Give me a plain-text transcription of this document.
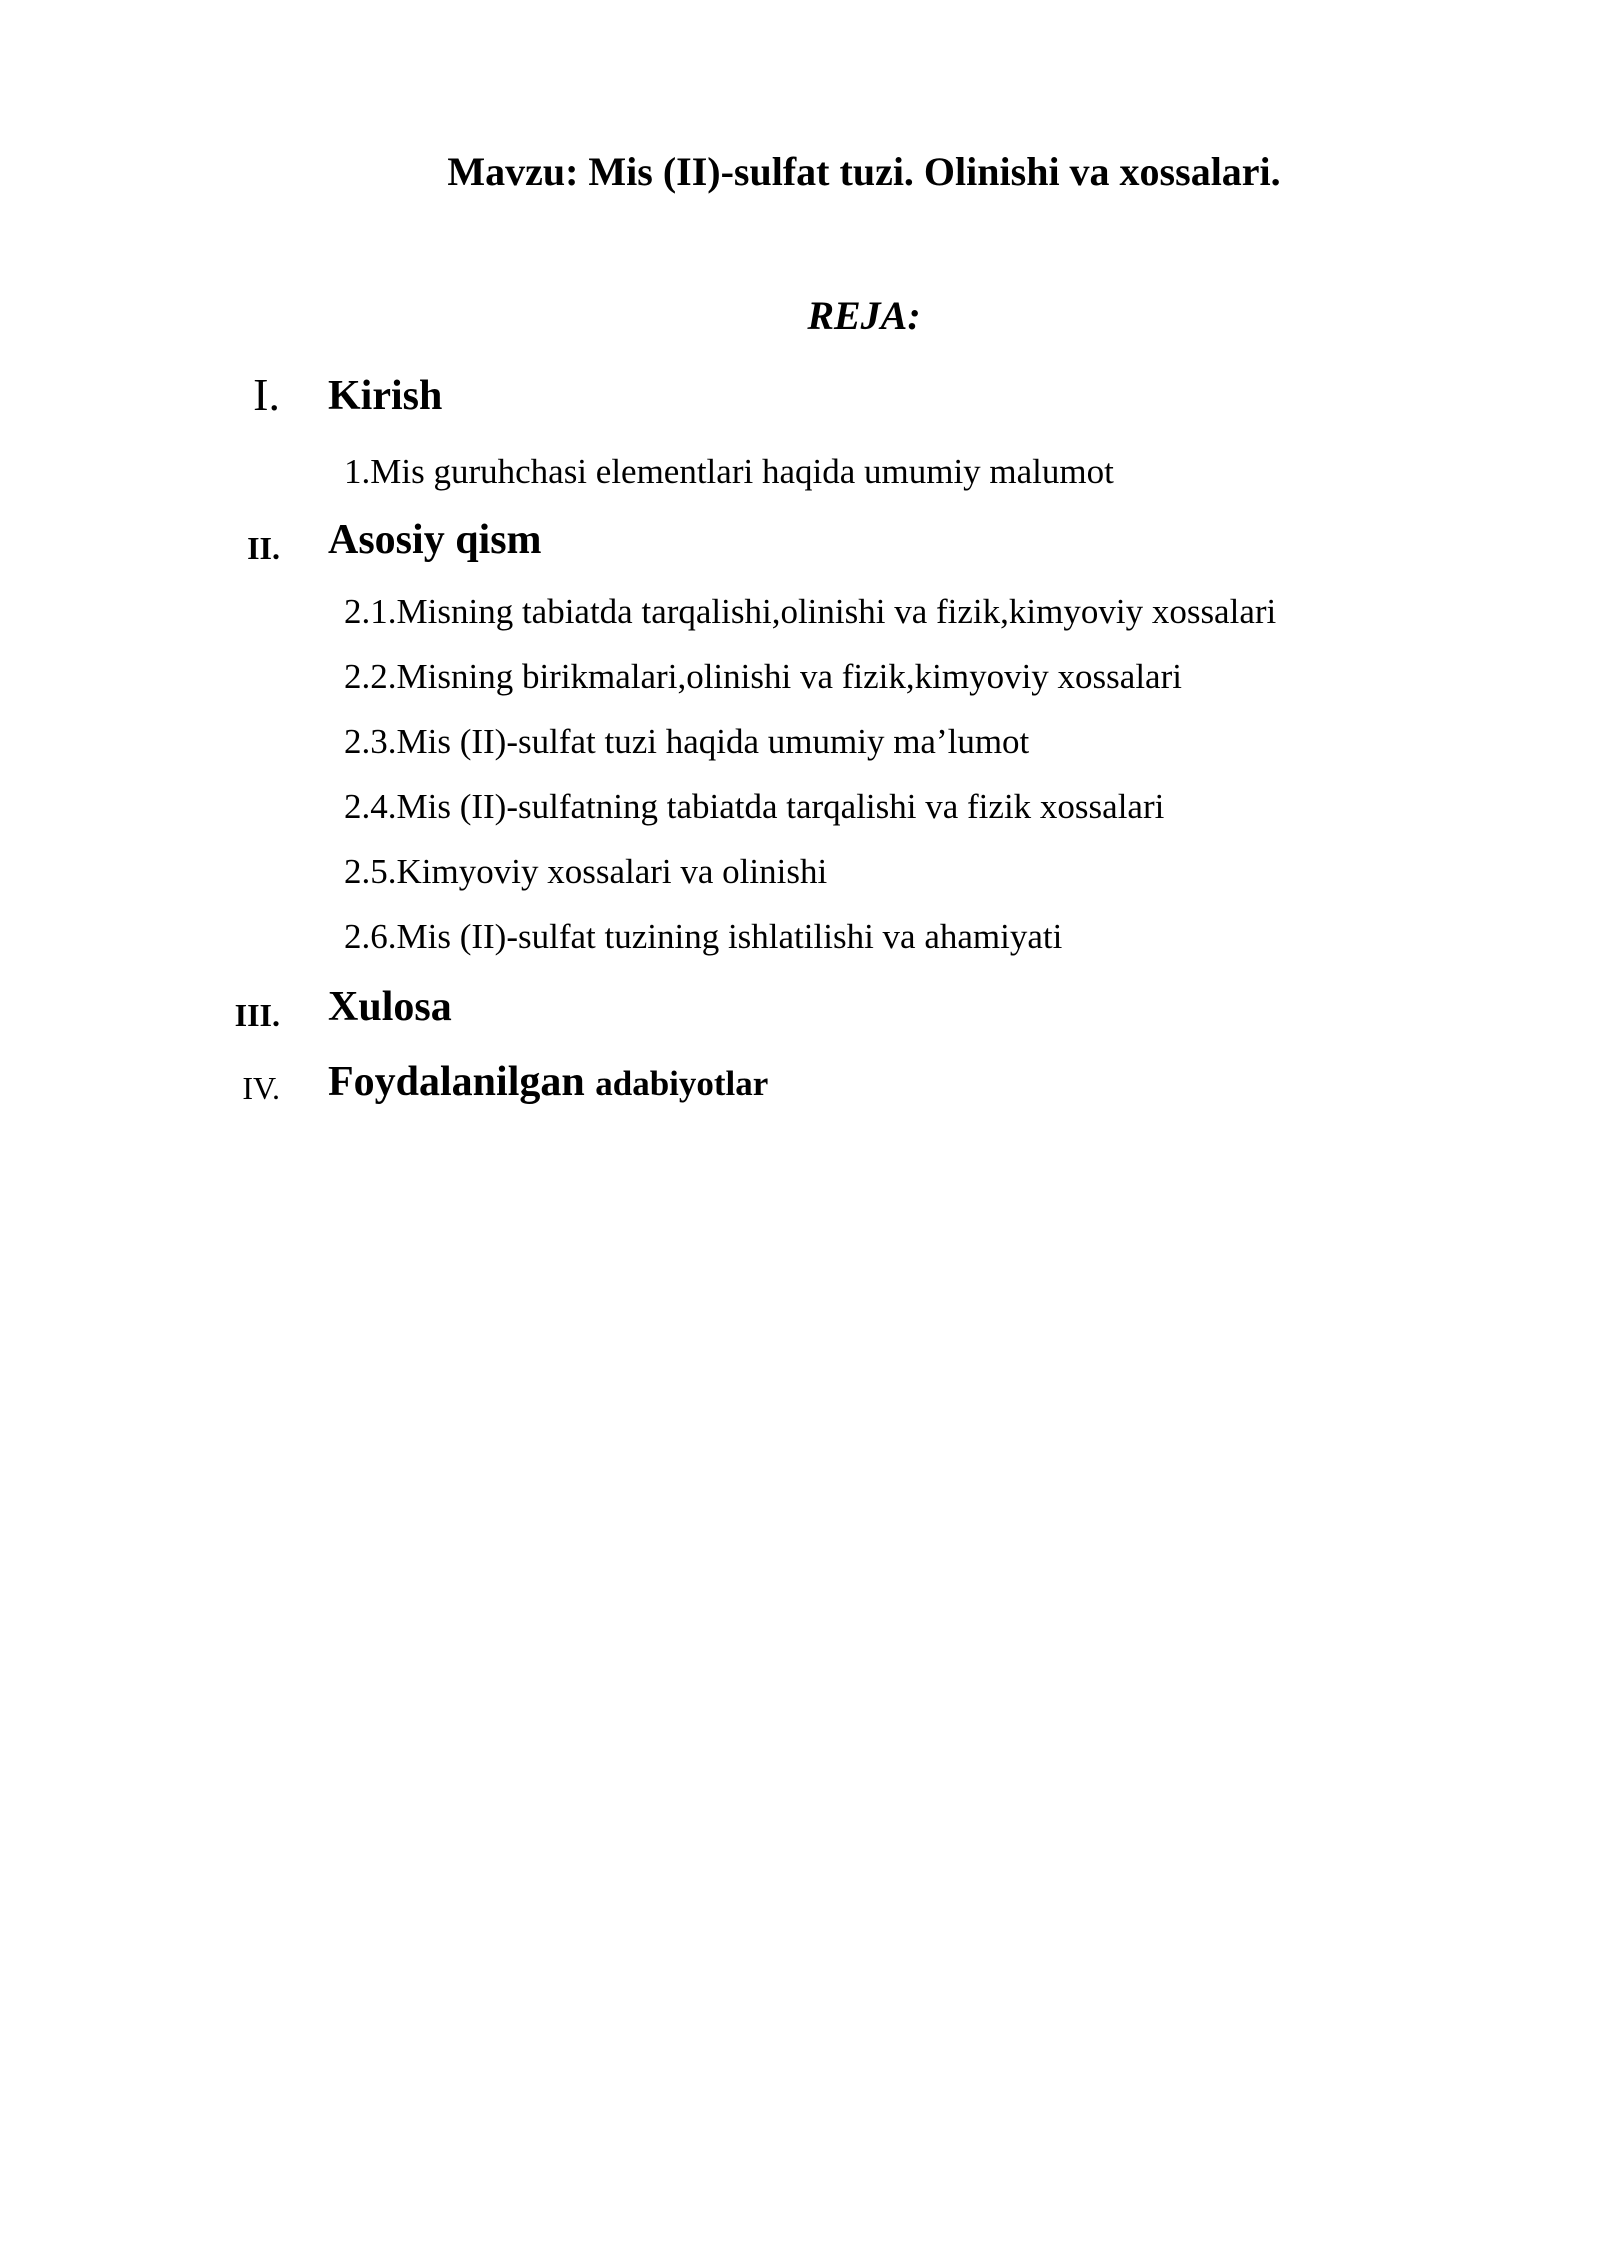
Mavzu: Mis (II)-sulfat tuzi. Olinishi va xossalari.
REJA:
I. Kirish
1.Mis guruhchasi elementlari haqida umumiy malumot
II. Asosiy qism
2.1.Misning tabiatda tarqalishi,olinishi va fizik,kimyoviy xossalari
2.2.Misning birikmalari,olinishi va fizik,kimyoviy xossalari
2.3.Mis (II)-sulfat tuzi haqida umumiy ma’lumot
2.4.Mis (II)-sulfatning tabiatda tarqalishi va fizik xossalari
2.5.Kimyoviy xossalari va olinishi
2.6.Mis (II)-sulfat tuzining ishlatilishi va ahamiyati
III. Xulosa
IV. Foydalanilgan adabiyotlar
